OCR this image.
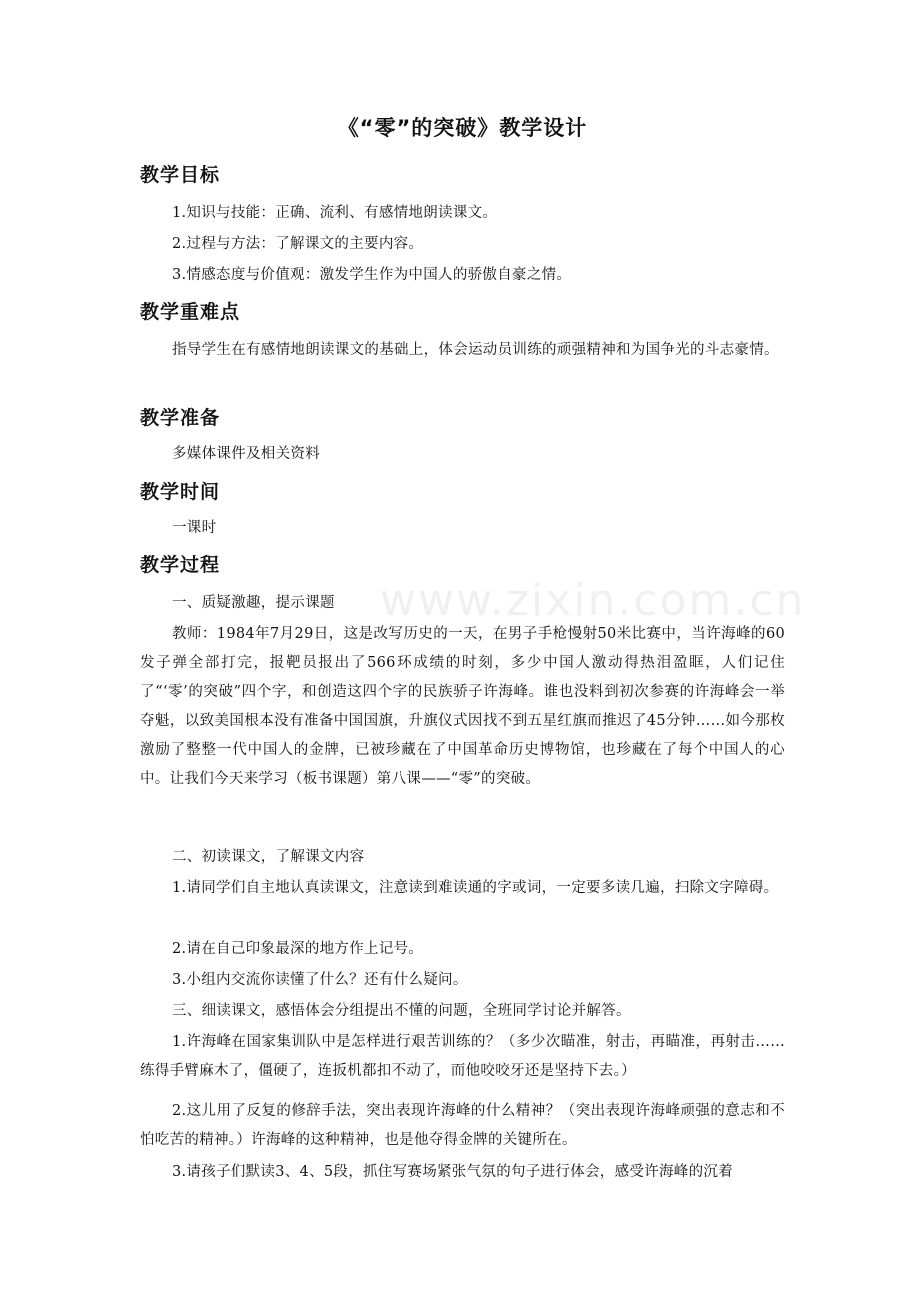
www.zixin.com.cn
《“零”的突破》教学设计
教学目标

1.知识与技能：正确、流利、有感情地朗读课文。

2.过程与方法：了解课文的主要内容。

3.情感态度与价值观：激发学生作为中国人的骄傲自豪之情。

教学重难点

指导学生在有感情地朗读课文的基础上，体会运动员训练的顽强精神和为国争光的斗志豪情。

教学准备

多媒体课件及相关资料

教学时间

一课时

教学过程

一、质疑激趣，提示课题

教师：1984年7月29日，这是改写历史的一天，在男子手枪慢射50米比赛中，当许海峰的60发子弹全部打完，报靶员报出了566环成绩的时刻，多少中国人激动得热泪盈眶，人们记住了“‘零’的突破”四个字，和创造这四个字的民族骄子许海峰。谁也没料到初次参赛的许海峰会一举夺魁，以致美国根本没有准备中国国旗，升旗仪式因找不到五星红旗而推迟了45分钟……如今那枚激励了整整一代中国人的金牌，已被珍藏在了中国革命历史博物馆，也珍藏在了每个中国人的心中。让我们今天来学习（板书课题）第八课——“零”的突破。

二、初读课文，了解课文内容

1.请同学们自主地认真读课文，注意读到难读通的字或词，一定要多读几遍，扫除文字障碍。

2.请在自己印象最深的地方作上记号。

3.小组内交流你读懂了什么？还有什么疑问。

三、细读课文，感悟体会分组提出不懂的问题，全班同学讨论并解答。

1.许海峰在国家集训队中是怎样进行艰苦训练的？（多少次瞄准，射击，再瞄准，再射击……练得手臂麻木了，僵硬了，连扳机都扣不动了，而他咬咬牙还是坚持下去。）

2.这儿用了反复的修辞手法，突出表现许海峰的什么精神？（突出表现许海峰顽强的意志和不怕吃苦的精神。）许海峰的这种精神，也是他夺得金牌的关键所在。

3.请孩子们默读3、4、5段，抓住写赛场紧张气氛的句子进行体会，感受许海峰的沉着
